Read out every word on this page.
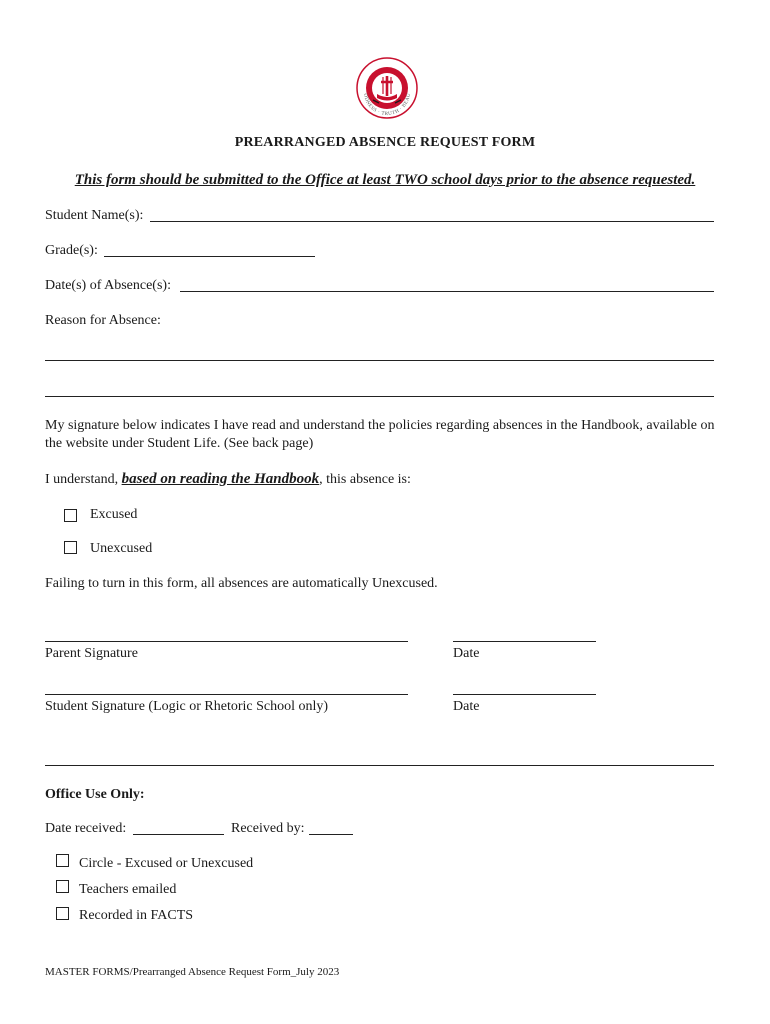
ODNESS · TRUTH · BEAU
PREARRANGED ABSENCE REQUEST FORM
This form should be submitted to the Office at least TWO school days prior to the absence requested.
Student Name(s):
Grade(s):
Date(s) of Absence(s):
Reason for Absence:
My signature below indicates I have read and understand the policies regarding absences in the Handbook, available on the website under Student Life. (See back page)
I understand, based on reading the Handbook, this absence is:
Excused
Unexcused
Failing to turn in this form, all absences are automatically Unexcused.
Parent Signature	Date
Student Signature (Logic or Rhetoric School only)	Date
Office Use Only:
Date received:	Received by:
Circle - Excused or Unexcused
Teachers emailed
Recorded in FACTS
MASTER FORMS/Prearranged Absence Request Form_July 2023
